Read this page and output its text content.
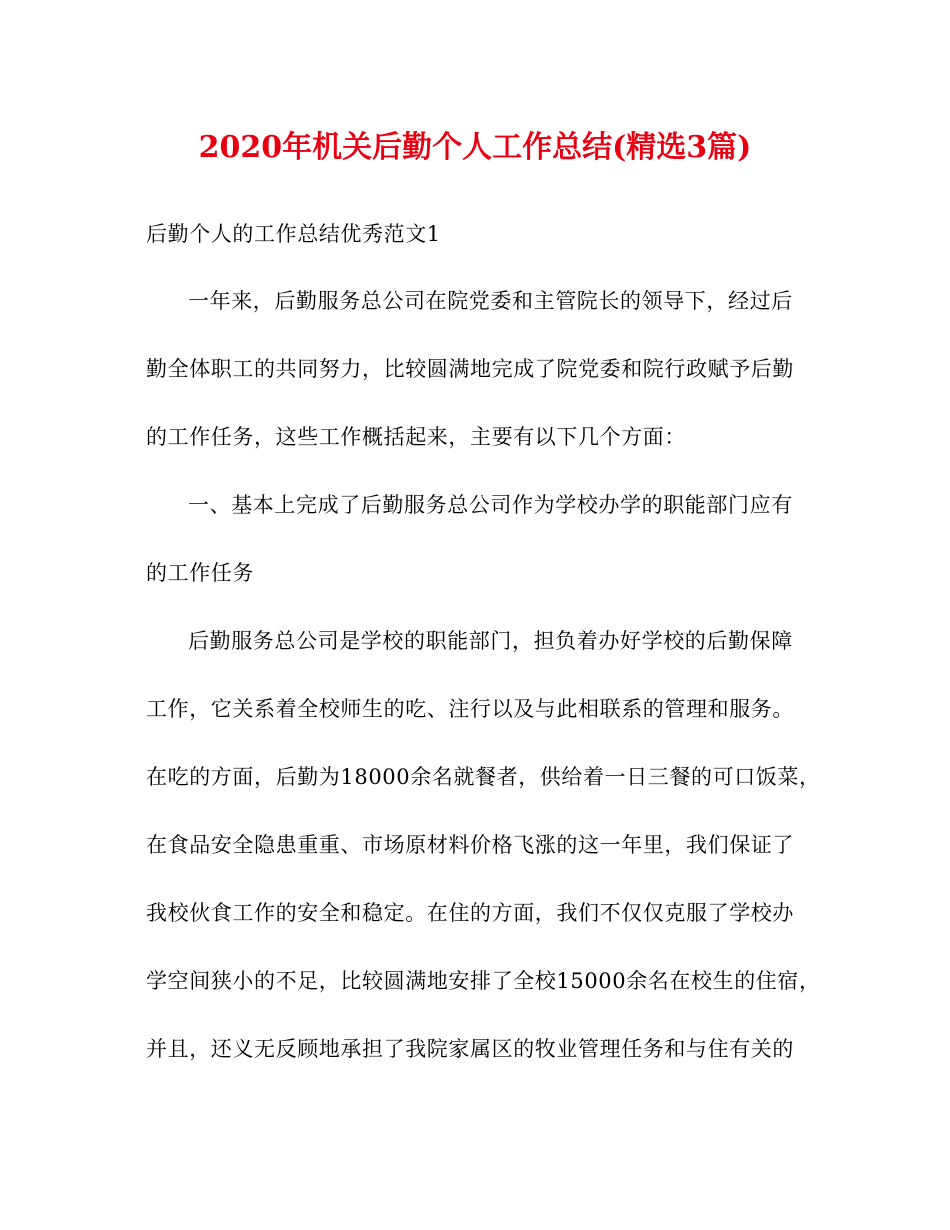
2020年机关后勤个人工作总结(精选3篇)
后勤个人的工作总结优秀范文1
一年来，后勤服务总公司在院党委和主管院长的领导下，经过后
勤全体职工的共同努力，比较圆满地完成了院党委和院行政赋予后勤
的工作任务，这些工作概括起来，主要有以下几个方面：
一、基本上完成了后勤服务总公司作为学校办学的职能部门应有
的工作任务
后勤服务总公司是学校的职能部门，担负着办好学校的后勤保障
工作，它关系着全校师生的吃、注行以及与此相联系的管理和服务。
在吃的方面，后勤为18000余名就餐者，供给着一日三餐的可口饭菜，
在食品安全隐患重重、市场原材料价格飞涨的这一年里，我们保证了
我校伙食工作的安全和稳定。在住的方面，我们不仅仅克服了学校办
学空间狭小的不足，比较圆满地安排了全校15000余名在校生的住宿，
并且，还义无反顾地承担了我院家属区的牧业管理任务和与住有关的
